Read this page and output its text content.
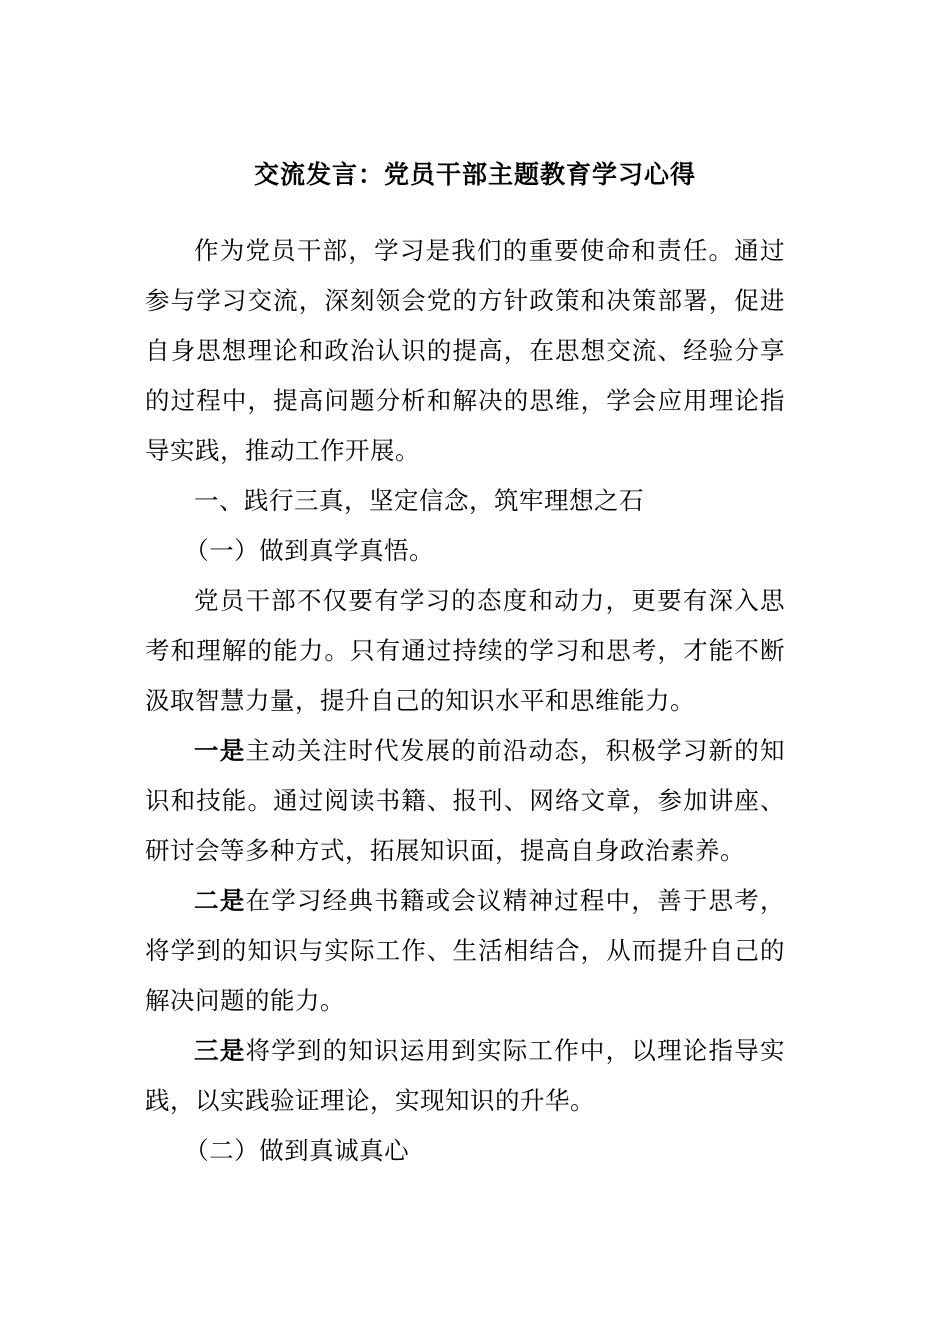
交流发言：党员干部主题教育学习心得

作为党员干部，学习是我们的重要使命和责任。通过参与学习交流，深刻领会党的方针政策和决策部署，促进自身思想理论和政治认识的提高，在思想交流、经验分享的过程中，提高问题分析和解决的思维，学会应用理论指导实践，推动工作开展。

一、践行三真，坚定信念，筑牢理想之石

（一）做到真学真悟。

党员干部不仅要有学习的态度和动力，更要有深入思考和理解的能力。只有通过持续的学习和思考，才能不断汲取智慧力量，提升自己的知识水平和思维能力。

一是主动关注时代发展的前沿动态，积极学习新的知识和技能。通过阅读书籍、报刊、网络文章，参加讲座、研讨会等多种方式，拓展知识面，提高自身政治素养。

二是在学习经典书籍或会议精神过程中，善于思考，将学到的知识与实际工作、生活相结合，从而提升自己的解决问题的能力。

三是将学到的知识运用到实际工作中，以理论指导实践，以实践验证理论，实现知识的升华。

（二）做到真诚真心
